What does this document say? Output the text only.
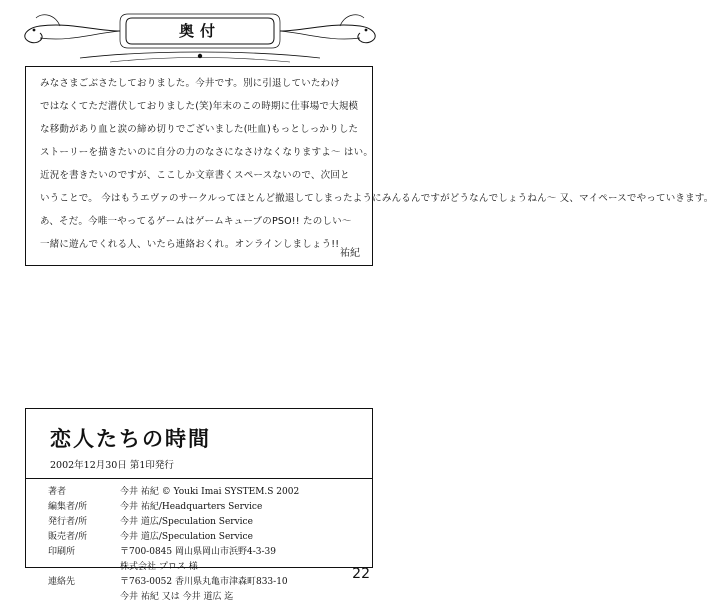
奥付
みなさまごぶさたしておりました。今井です。別に引退していたわけ
ではなくてただ潜伏しておりました(笑)年末のこの時期に仕事場で大規模
な移動があり血と涙の締め切りでございました(吐血)もっとしっかりした
ストーリーを描きたいのに自分の力のなさになさけなくなりますよ〜 はい。
近況を書きたいのですが、ここしか文章書くスペースないので、次回と
いうことで。 今はもうエヴァのサークルってほとんど撤退してしまったようにみんるんですがどうなんでしょうねん〜 又、マイペースでやっていきます。
あ、そだ。今唯一やってるゲームはゲームキューブのPSO!! たのしい〜
一緒に遊んでくれる人、いたら連絡おくれ。オンラインしましょう!!
祐紀
恋人たちの時間
2002年12月30日 第1印発行
著者	今井 祐紀 © Youki Imai SYSTEM.S 2002
編集者/所	今井 祐紀/Headquarters Service
発行者/所	今井 道広/Speculation Service
販売者/所	今井 道広/Speculation Service
印刷所	〒700-0845 岡山県岡山市浜野4-3-39
株式会社 プロス 様
連絡先	〒763-0052 香川県丸亀市津森町833-10
今井 祐紀 又は 今井 道広 迄
22
